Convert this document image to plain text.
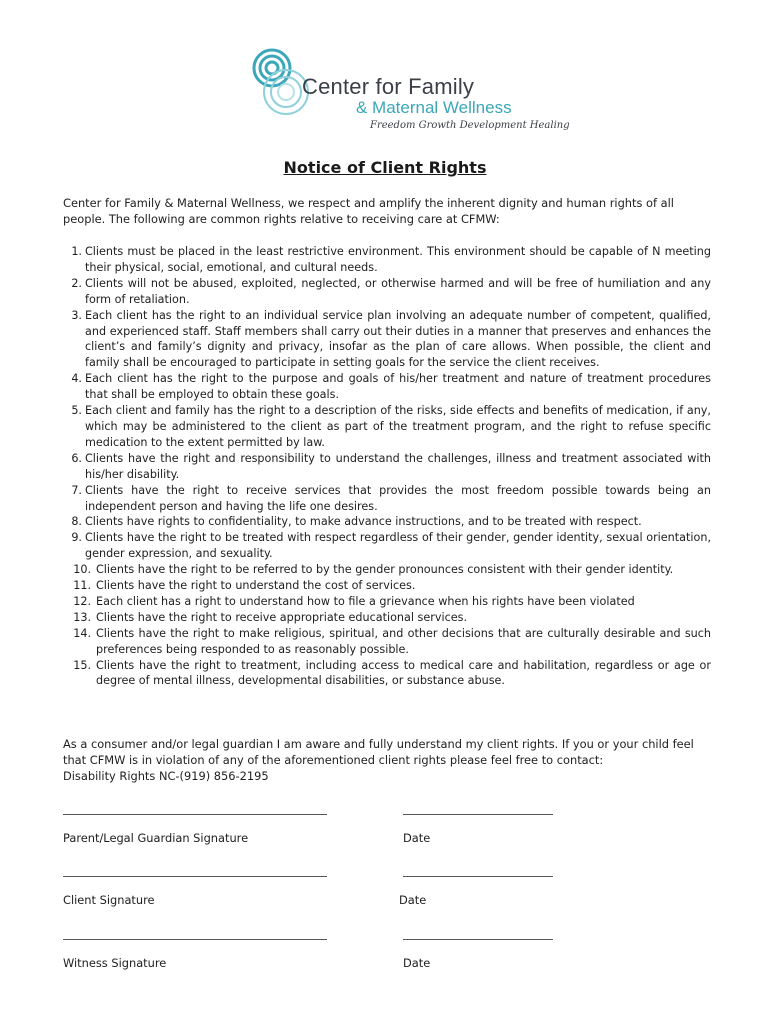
Center for Family
& Maternal Wellness
Freedom Growth Development Healing
Notice of Client Rights
Center for Family & Maternal Wellness, we respect and amplify the inherent dignity and human rights of all people. The following are common rights relative to receiving care at CFMW:
1. Clients must be placed in the least restrictive environment. This environment should be capable of N meeting their physical, social, emotional, and cultural needs.
2. Clients will not be abused, exploited, neglected, or otherwise harmed and will be free of humiliation and any form of retaliation.
3. Each client has the right to an individual service plan involving an adequate number of competent, qualified, and experienced staff. Staff members shall carry out their duties in a manner that preserves and enhances the client’s and family’s dignity and privacy, insofar as the plan of care allows. When possible, the client and family shall be encouraged to participate in setting goals for the service the client receives.
4. Each client has the right to the purpose and goals of his/her treatment and nature of treatment procedures that shall be employed to obtain these goals.
5. Each client and family has the right to a description of the risks, side effects and benefits of medication, if any, which may be administered to the client as part of the treatment program, and the right to refuse specific medication to the extent permitted by law.
6. Clients have the right and responsibility to understand the challenges, illness and treatment associated with his/her disability.
7. Clients have the right to receive services that provides the most freedom possible towards being an independent person and having the life one desires.
8. Clients have rights to confidentiality, to make advance instructions, and to be treated with respect.
9. Clients have the right to be treated with respect regardless of their gender, gender identity, sexual orientation, gender expression, and sexuality.
10. Clients have the right to be referred to by the gender pronounces consistent with their gender identity.
11. Clients have the right to understand the cost of services.
12. Each client has a right to understand how to file a grievance when his rights have been violated
13. Clients have the right to receive appropriate educational services.
14. Clients have the right to make religious, spiritual, and other decisions that are culturally desirable and such preferences being responded to as reasonably possible.
15. Clients have the right to treatment, including access to medical care and habilitation, regardless or age or degree of mental illness, developmental disabilities, or substance abuse.
As a consumer and/or legal guardian I am aware and fully understand my client rights. If you or your child feel that CFMW is in violation of any of the aforementioned client rights please feel free to contact:
Disability Rights NC-(919) 856-2195
Parent/Legal Guardian Signature	Date
Client Signature	Date
Witness Signature	Date
